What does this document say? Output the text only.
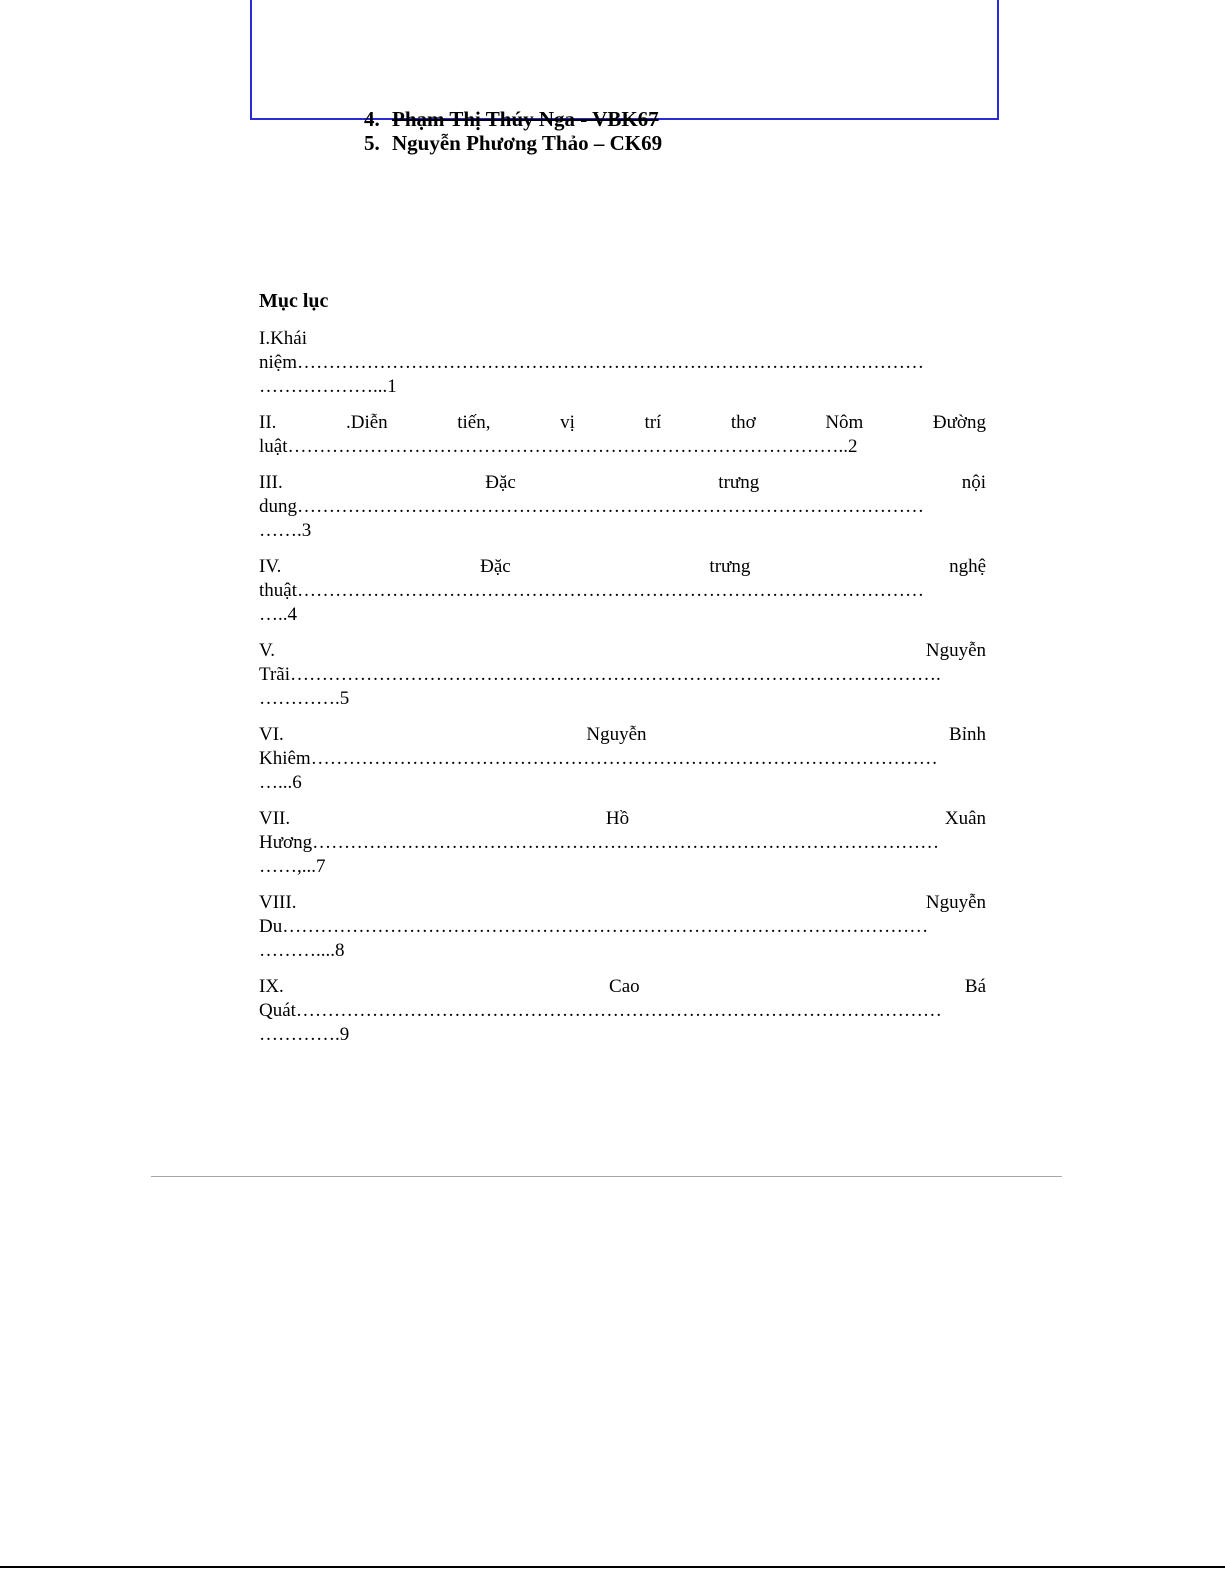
4. Phạm Thị Thúy Nga - VBK67
5. Nguyễn Phương Thảo – CK69
Mục lục
I.Khái
niệm………………………………………………………………………………………
………………...1
II.	.Diễn	tiến,	vị	trí	thơ	Nôm	Đường
luật……………………………………………………………………………..2
III.	Đặc	trưng	nội
dung………………………………………………………………………………………
…….3
IV.	Đặc	trưng	nghệ
thuật………………………………………………………………………………………
…..4
V.	Nguyễn
Trãi………………………………………………………………………………………….
………….5
VI.	Nguyễn	Bỉnh
Khiêm………………………………………………………………………………………
…...6
VII.	Hồ	Xuân
Hương………………………………………………………………………………………
……,...7
VIII.	Nguyễn
Du…………………………………………………………………………………………
………....8
IX.	Cao	Bá
Quát…………………………………………………………………………………………
………….9
